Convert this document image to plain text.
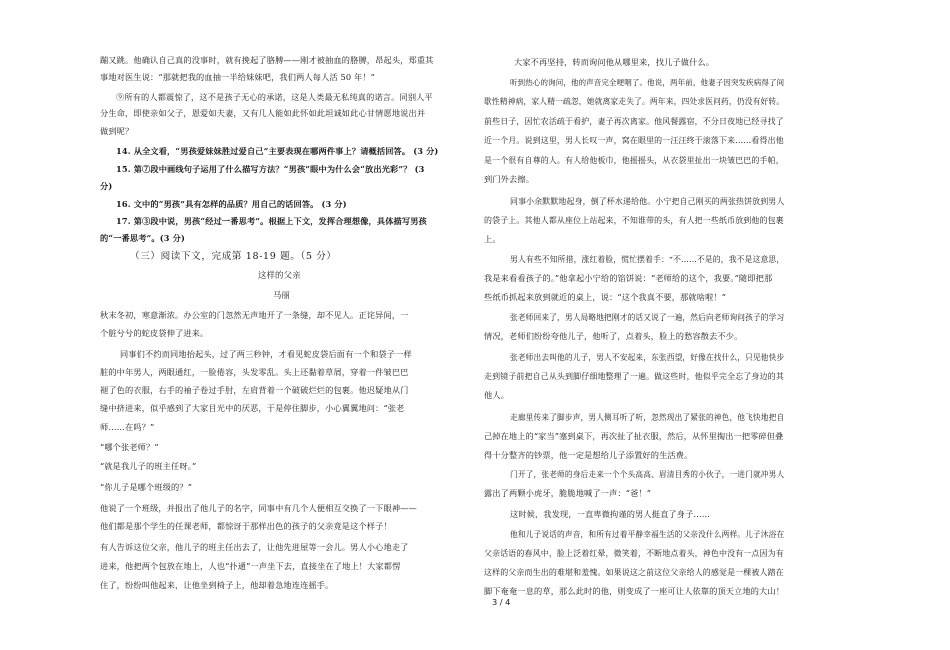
蹦又跳。他确认自己真的没事时，就有挽起了胳膊——刚才被抽血的胳膊，昂起头，郑重其
事地对医生说：“那就把我的血抽一半给妹妹吧，我们两人每人活 50 年！”
⑨所有的人都震惊了，这不是孩子无心的承诺，这是人类最无私纯真的诺言。同别人平
分生命，即使亲如父子，恩爱如夫妻，又有几人能如此怀如此坦诚如此心甘情愿地说出并
做到呢？
14. 从全文看，“男孩爱妹妹胜过爱自己”主要表现在哪两件事上？请概括回答。 (3 分)
15. 第⑦段中画线句子运用了什么描写方法？“男孩”眼中为什么会“放出光彩”？ (3
分)
16. 文中的“男孩”具有怎样的品质？用自己的话回答。 (3 分)
17. 第③段中说，男孩“经过一番思考”。根据上下文，发挥合理想像，具体描写男孩
的“一番思考”。(3 分)
（三）阅读下文，完成第 18-19 题。（5 分）
这样的父亲
马丽
秋末冬初，寒意渐浓。办公室的门忽然无声地开了一条缝，却不见人。正诧异间，一
个脏兮兮的蛇皮袋伸了进来。
同事们不约而同地抬起头，过了两三秒钟，才看见蛇皮袋后面有一个和袋子一样
脏的中年男人，两眼通红，一脸倦容，头发零乱。头上还黏着草屑，穿着一件皱巴巴
褪了色的衣服，右手的袖子卷过手肘，左肩背着一个破破烂烂的包裹。他迟疑地从门
缝中挤进来，似乎感到了大家目光中的厌恶，于是停住脚步，小心翼翼地问：“张老
师……在吗？”
“哪个张老师？”
“就是我儿子的班主任呀。”
“你儿子是哪个班级的？”
他说了一个班级，并报出了他儿子的名字，同事中有几个人便相互交换了一下眼神——
他们都是那个学生的任课老师，都惊讶于那样出色的孩子的父亲竟是这个样子！
有人告诉这位父亲，他儿子的班主任出去了，让他先进屋等一会儿。男人小心地走了
进来，他把两个包放在地上，人也“扑通”一声坐下去，直接坐在了地上！大家都愣
住了，纷纷叫他起来，让他坐到椅子上，他却着急地连连摇手。
大家不再坚持，转而询问他从哪里来，找儿子做什么。
听到热心的询问，他的声音完全哽咽了。他说，两年前，他妻子因突发疾病得了间
歇性精神病，家人精一疏忽，她就离家走失了。两年来，四处求医问药，仍没有好转。
前些日子，因忙农活疏于看护，妻子再次离家。他风餐露宿，不分日夜地已经寻找了
近一个月。说到这里，男人长叹一声，窝在眼里的一汪汪终于滚落下来……看得出他
是一个很有自尊的人。有人给他板巾，他摇摇头，从衣袋里扯出一块皱巴巴的手帕，
到门外去擦。
同事小余默默地起身，倒了杯水递给他。小宁把自己刚买的两张热饼放到男人
的袋子上。其他人都从座位上站起来，不知谁带的头，有人把一些纸币放到他的包裹
上。
男人有些不知所措，涨红着脸，慌忙摆着手：“不……不是的，我不是这意思，
我是来看看孩子的。”他拿起小宁给的馅饼说：“老师给的这个，我要。”随即把那
些纸币抓起来放到就近的桌上，说：“这个我真不要，那就啥啦！”
张老师回来了，男人局略地把刚才的话又说了一遍，然后向老师询问孩子的学习
情况，老师们纷纷夸他儿子，他听了，点着头，脸上的愁容散去不少。
张老师出去叫他的儿子，男人不安起来，东张西望，好像在找什么，只见他快步
走到镜子前把自己从头到脚仔细地整理了一遍。做这些时，他似乎完全忘了身边的其
他人。
走廊里传来了脚步声，男人侧耳听了听，忽然现出了紧张的神色，他飞快地把自
己掉在地上的“家当”塞到桌下，再次扯了扯衣服，然后，从怀里掏出一把零碎但叠
得十分整齐的钞票，他一定是想给儿子添置好的生活费。
门开了，张老师的身后走来一个个头高高、眉清目秀的小伙子，一进门就冲男人
露出了两颗小虎牙，脆脆地喊了一声：“爸！”
这时候，我发现，一直卑微拘谨的男人挺直了身子……
他和儿子说话的声音，和所有过着平静幸福生活的父亲没什么两样。儿子沐浴在
父亲话语的春风中，脸上泛着红晕，微笑着，不断地点着头，神色中没有一点因为有
这样的父亲而生出的难堪和羞愧。如果说这之前这位父亲给人的感觉是一棵被人踏在
脚下奄奄一息的草，那么此时的他，则变成了一座可让人依靠的顶天立地的大山！
3 / 4
